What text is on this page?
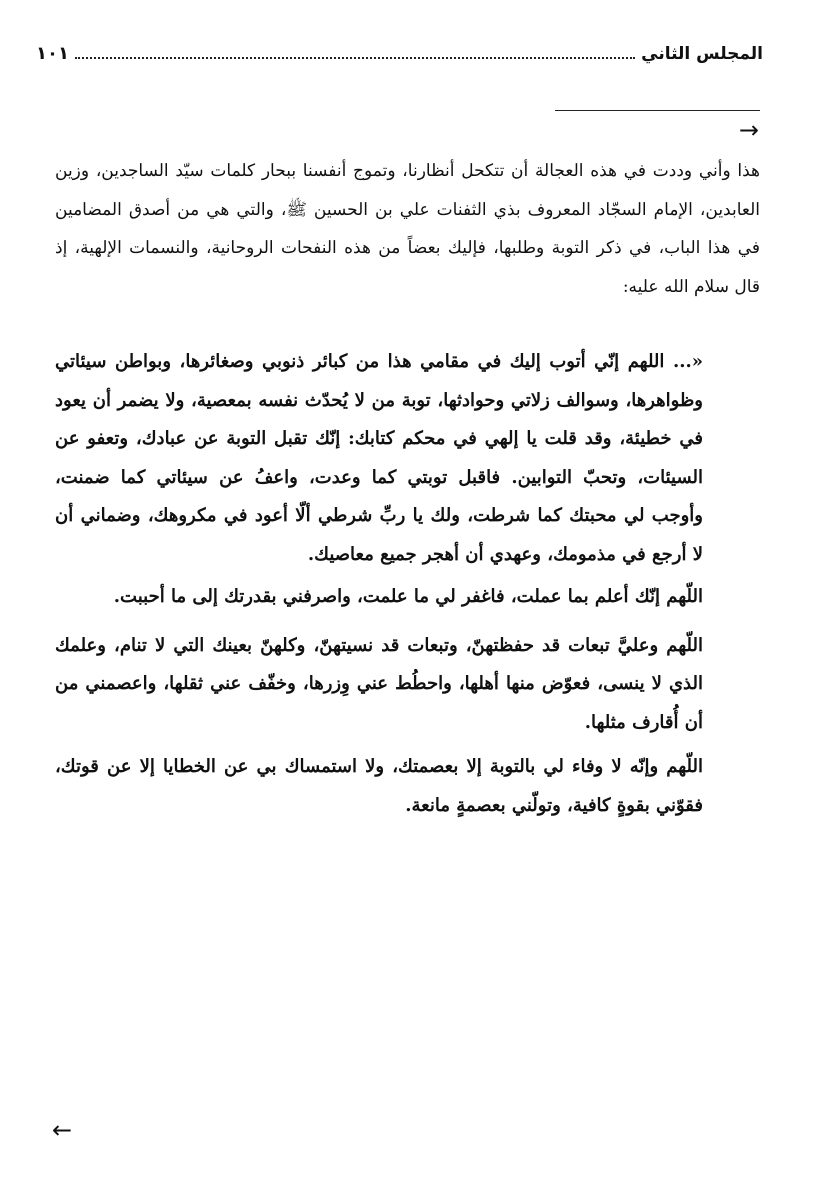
المجلس الثاني
١٠١
→

هذا وأني وددت في هذه العجالة أن تتكحل أنظارنا، وتموج أنفسنا ببحار كلمات سيّد الساجدين، وزين العابدين، الإمام السجّاد المعروف بذي الثفنات علي بن الحسين ﷺ، والتي هي من أصدق المضامين في هذا الباب، في ذكر التوبة وطلبها، فإليك بعضاً من هذه النفحات الروحانية، والنسمات الإلهية، إذ قال سلام الله عليه:

«... اللهم إنّي أتوب إليك في مقامي هذا من كبائر ذنوبي وصغائرها، وبواطن سيئاتي وظواهرها، وسوالف زلاتي وحوادثها، توبة من لا يُحدّث نفسه بمعصية، ولا يضمر أن يعود في خطيئة، وقد قلت يا إلهي في محكم كتابك: إنّك تقبل التوبة عن عبادك، وتعفو عن السيئات، وتحبّ التوابين. فاقبل توبتي كما وعدت، واعفُ عن سيئاتي كما ضمنت، وأوجب لي محبتك كما شرطت، ولك يا ربِّ شرطي ألّا أعود في مكروهك، وضماني أن لا أرجع في مذمومك، وعهدي أن أهجر جميع معاصيك.

اللّهم إنّك أعلم بما عملت، فاغفر لي ما علمت، واصرفني بقدرتك إلى ما أحببت.

اللّهم وعليَّ تبعات قد حفظتهنّ، وتبعات قد نسيتهنّ، وكلهنّ بعينك التي لا تنام، وعلمك الذي لا ينسى، فعوّض منها أهلها، واحطُط عني وِزرها، وخفّف عني ثقلها، واعصمني من أن أُقارف مثلها.

اللّهم وإنّه لا وفاء لي بالتوبة إلا بعصمتك، ولا استمساك بي عن الخطايا إلا عن قوتك، فقوّني بقوةٍ كافية، وتولّني بعصمةٍ مانعة.

←
